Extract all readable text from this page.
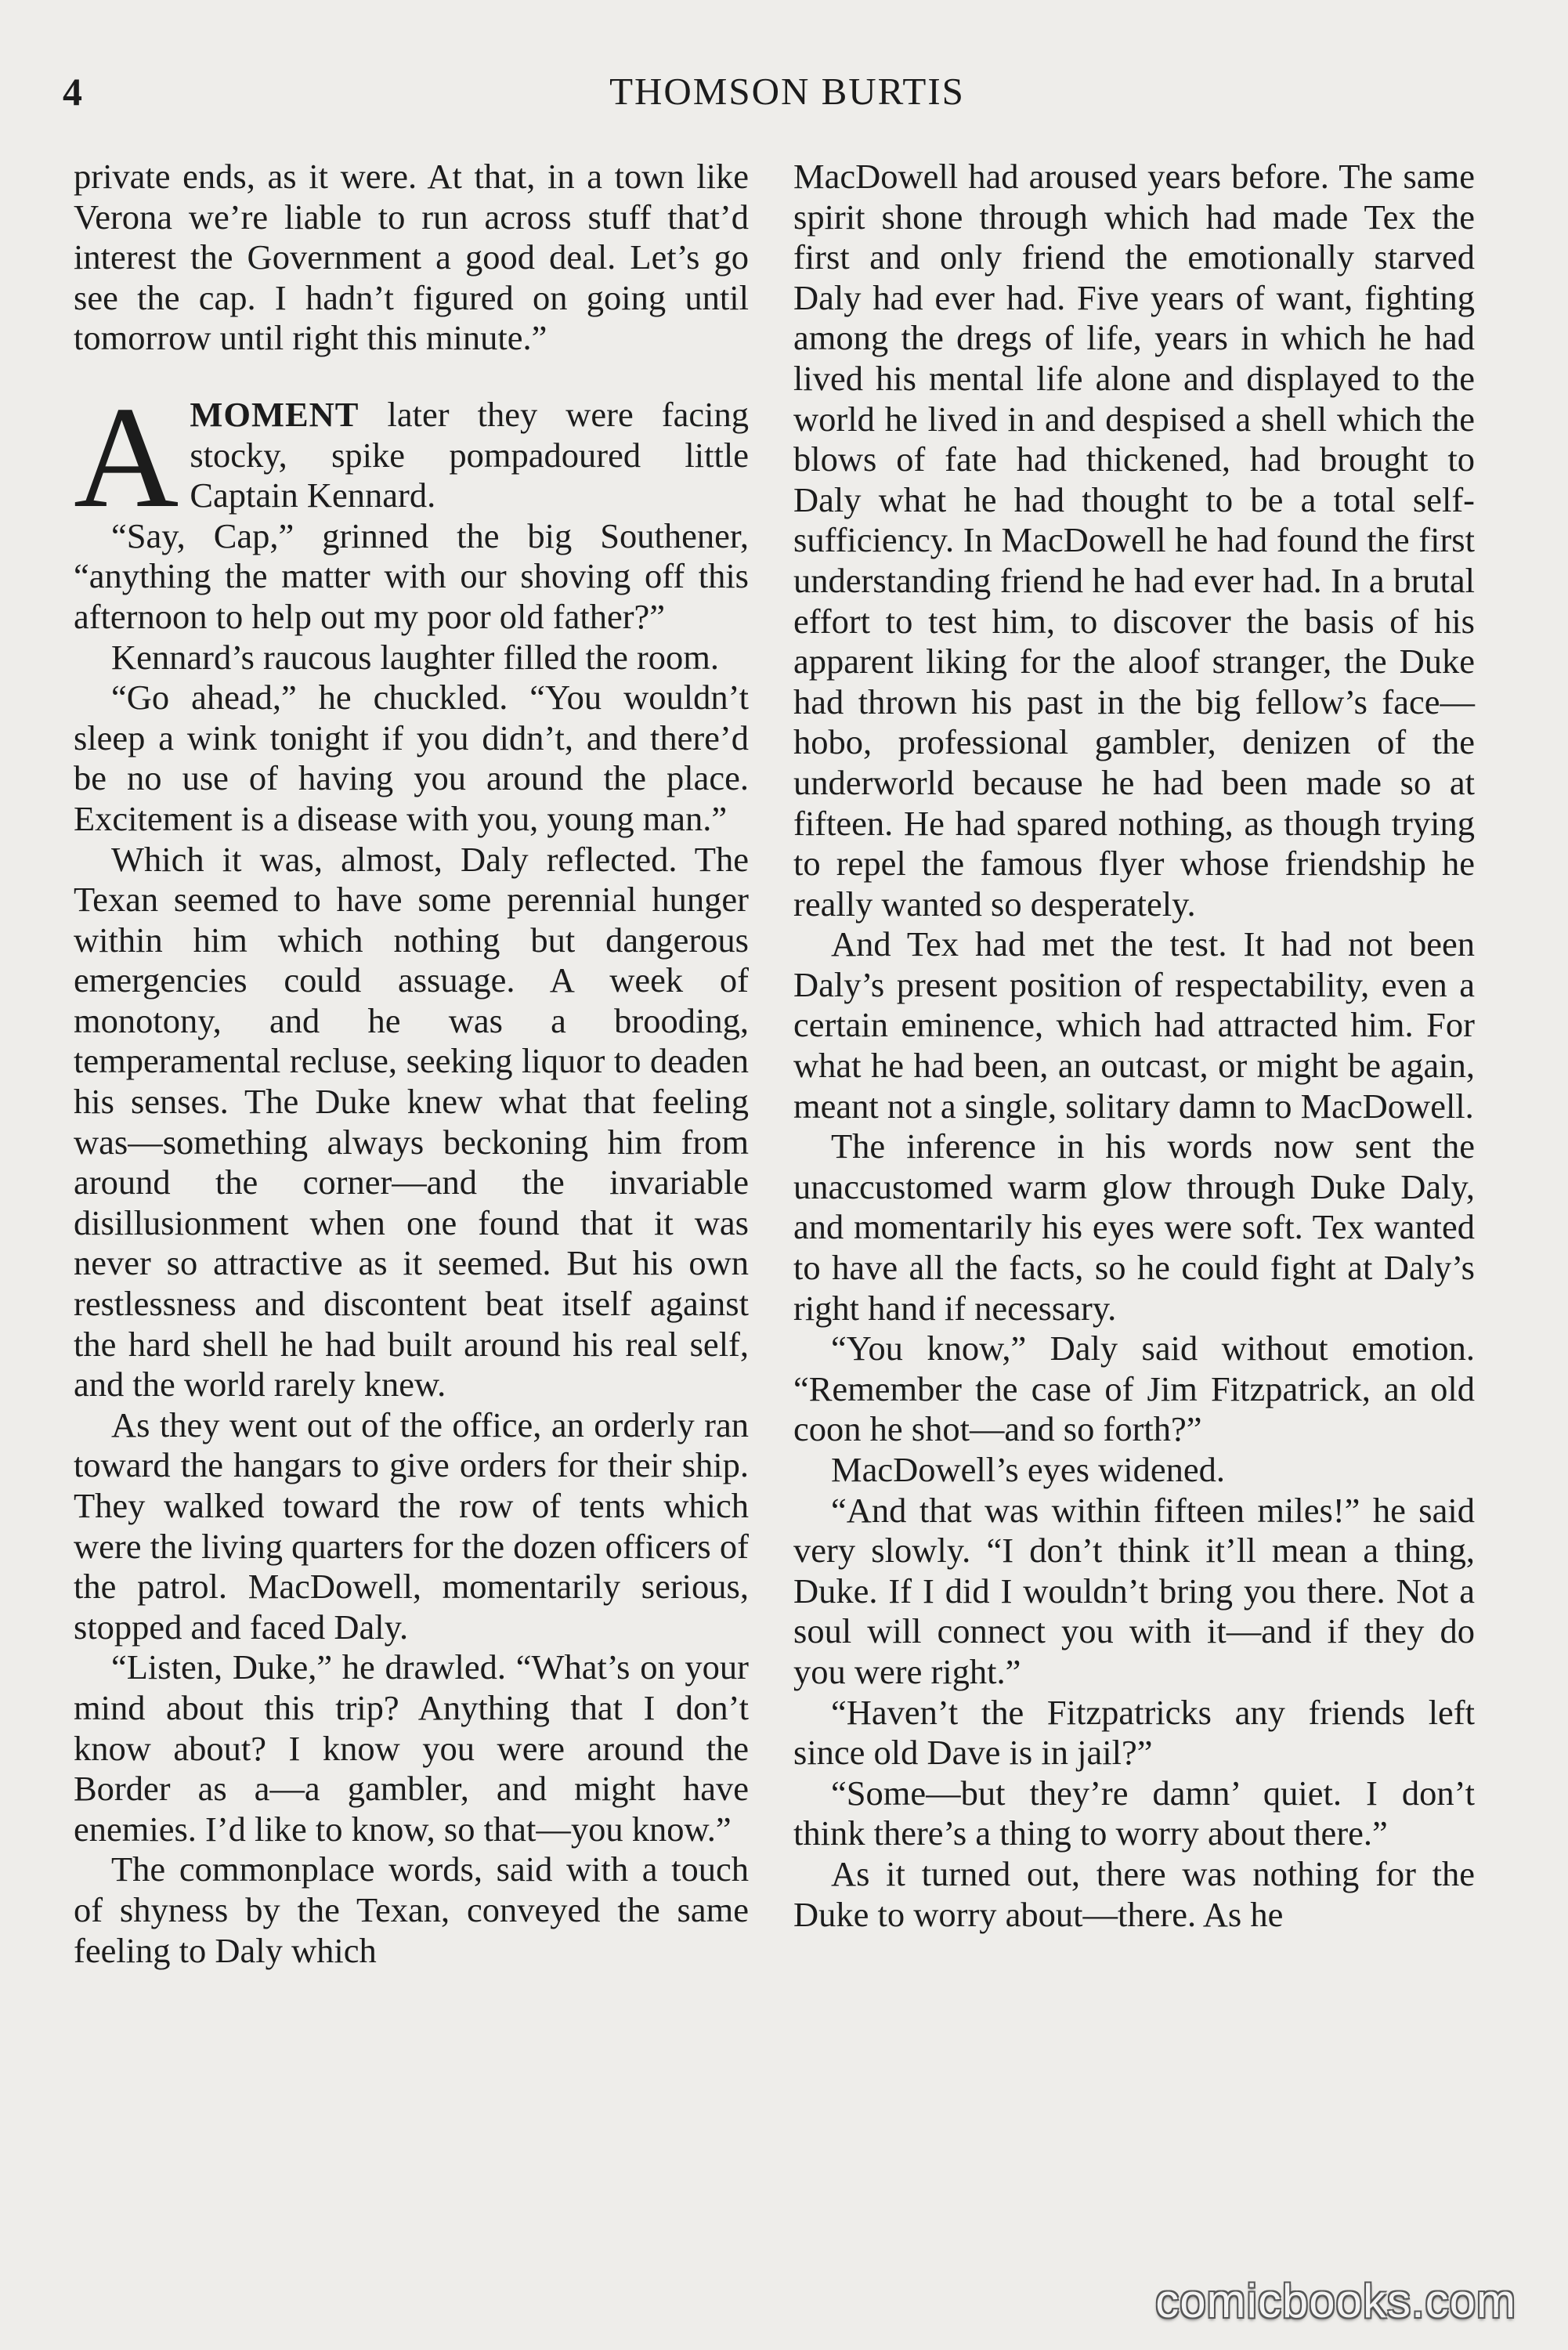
4	THOMSON BURTIS

private ends, as it were. At that, in a town like Verona we’re liable to run across stuff that’d interest the Government a good deal. Let’s go see the cap. I hadn’t figured on going until tomorrow until right this minute.”

AMOMENT later they were facing stocky, spike pompadoured little Captain Kennard.

“Say, Cap,” grinned the big Southener, “anything the matter with our shoving off this afternoon to help out my poor old father?”

Kennard’s raucous laughter filled the room.

“Go ahead,” he chuckled. “You wouldn’t sleep a wink tonight if you didn’t, and there’d be no use of having you around the place. Excitement is a disease with you, young man.”

Which it was, almost, Daly reflected. The Texan seemed to have some perennial hunger within him which nothing but dangerous emergencies could assuage. A week of monotony, and he was a brooding, temperamental recluse, seeking liquor to deaden his senses. The Duke knew what that feeling was—something always beckoning him from around the corner—and the invariable disillusionment when one found that it was never so attractive as it seemed. But his own restlessness and discontent beat itself against the hard shell he had built around his real self, and the world rarely knew.

As they went out of the office, an orderly ran toward the hangars to give orders for their ship. They walked toward the row of tents which were the living quarters for the dozen officers of the patrol. MacDowell, momentarily serious, stopped and faced Daly.

“Listen, Duke,” he drawled. “What’s on your mind about this trip? Anything that I don’t know about? I know you were around the Border as a—a gambler, and might have enemies. I’d like to know, so that—you know.”

The commonplace words, said with a touch of shyness by the Texan, conveyed the same feeling to Daly which

MacDowell had aroused years before. The same spirit shone through which had made Tex the first and only friend the emotionally starved Daly had ever had. Five years of want, fighting among the dregs of life, years in which he had lived his mental life alone and displayed to the world he lived in and despised a shell which the blows of fate had thickened, had brought to Daly what he had thought to be a total self-sufficiency. In MacDowell he had found the first understanding friend he had ever had. In a brutal effort to test him, to discover the basis of his apparent liking for the aloof stranger, the Duke had thrown his past in the big fellow’s face—hobo, professional gambler, denizen of the underworld because he had been made so at fifteen. He had spared nothing, as though trying to repel the famous flyer whose friendship he really wanted so desperately.

And Tex had met the test. It had not been Daly’s present position of respectability, even a certain eminence, which had attracted him. For what he had been, an outcast, or might be again, meant not a single, solitary damn to MacDowell.

The inference in his words now sent the unaccustomed warm glow through Duke Daly, and momentarily his eyes were soft. Tex wanted to have all the facts, so he could fight at Daly’s right hand if necessary.

“You know,” Daly said without emotion. “Remember the case of Jim Fitzpatrick, an old coon he shot—and so forth?”

MacDowell’s eyes widened.

“And that was within fifteen miles!” he said very slowly. “I don’t think it’ll mean a thing, Duke. If I did I wouldn’t bring you there. Not a soul will connect you with it—and if they do you were right.”

“Haven’t the Fitzpatricks any friends left since old Dave is in jail?”

“Some—but they’re damn’ quiet. I don’t think there’s a thing to worry about there.”

As it turned out, there was nothing for the Duke to worry about—there. As he

comicbooks.com
